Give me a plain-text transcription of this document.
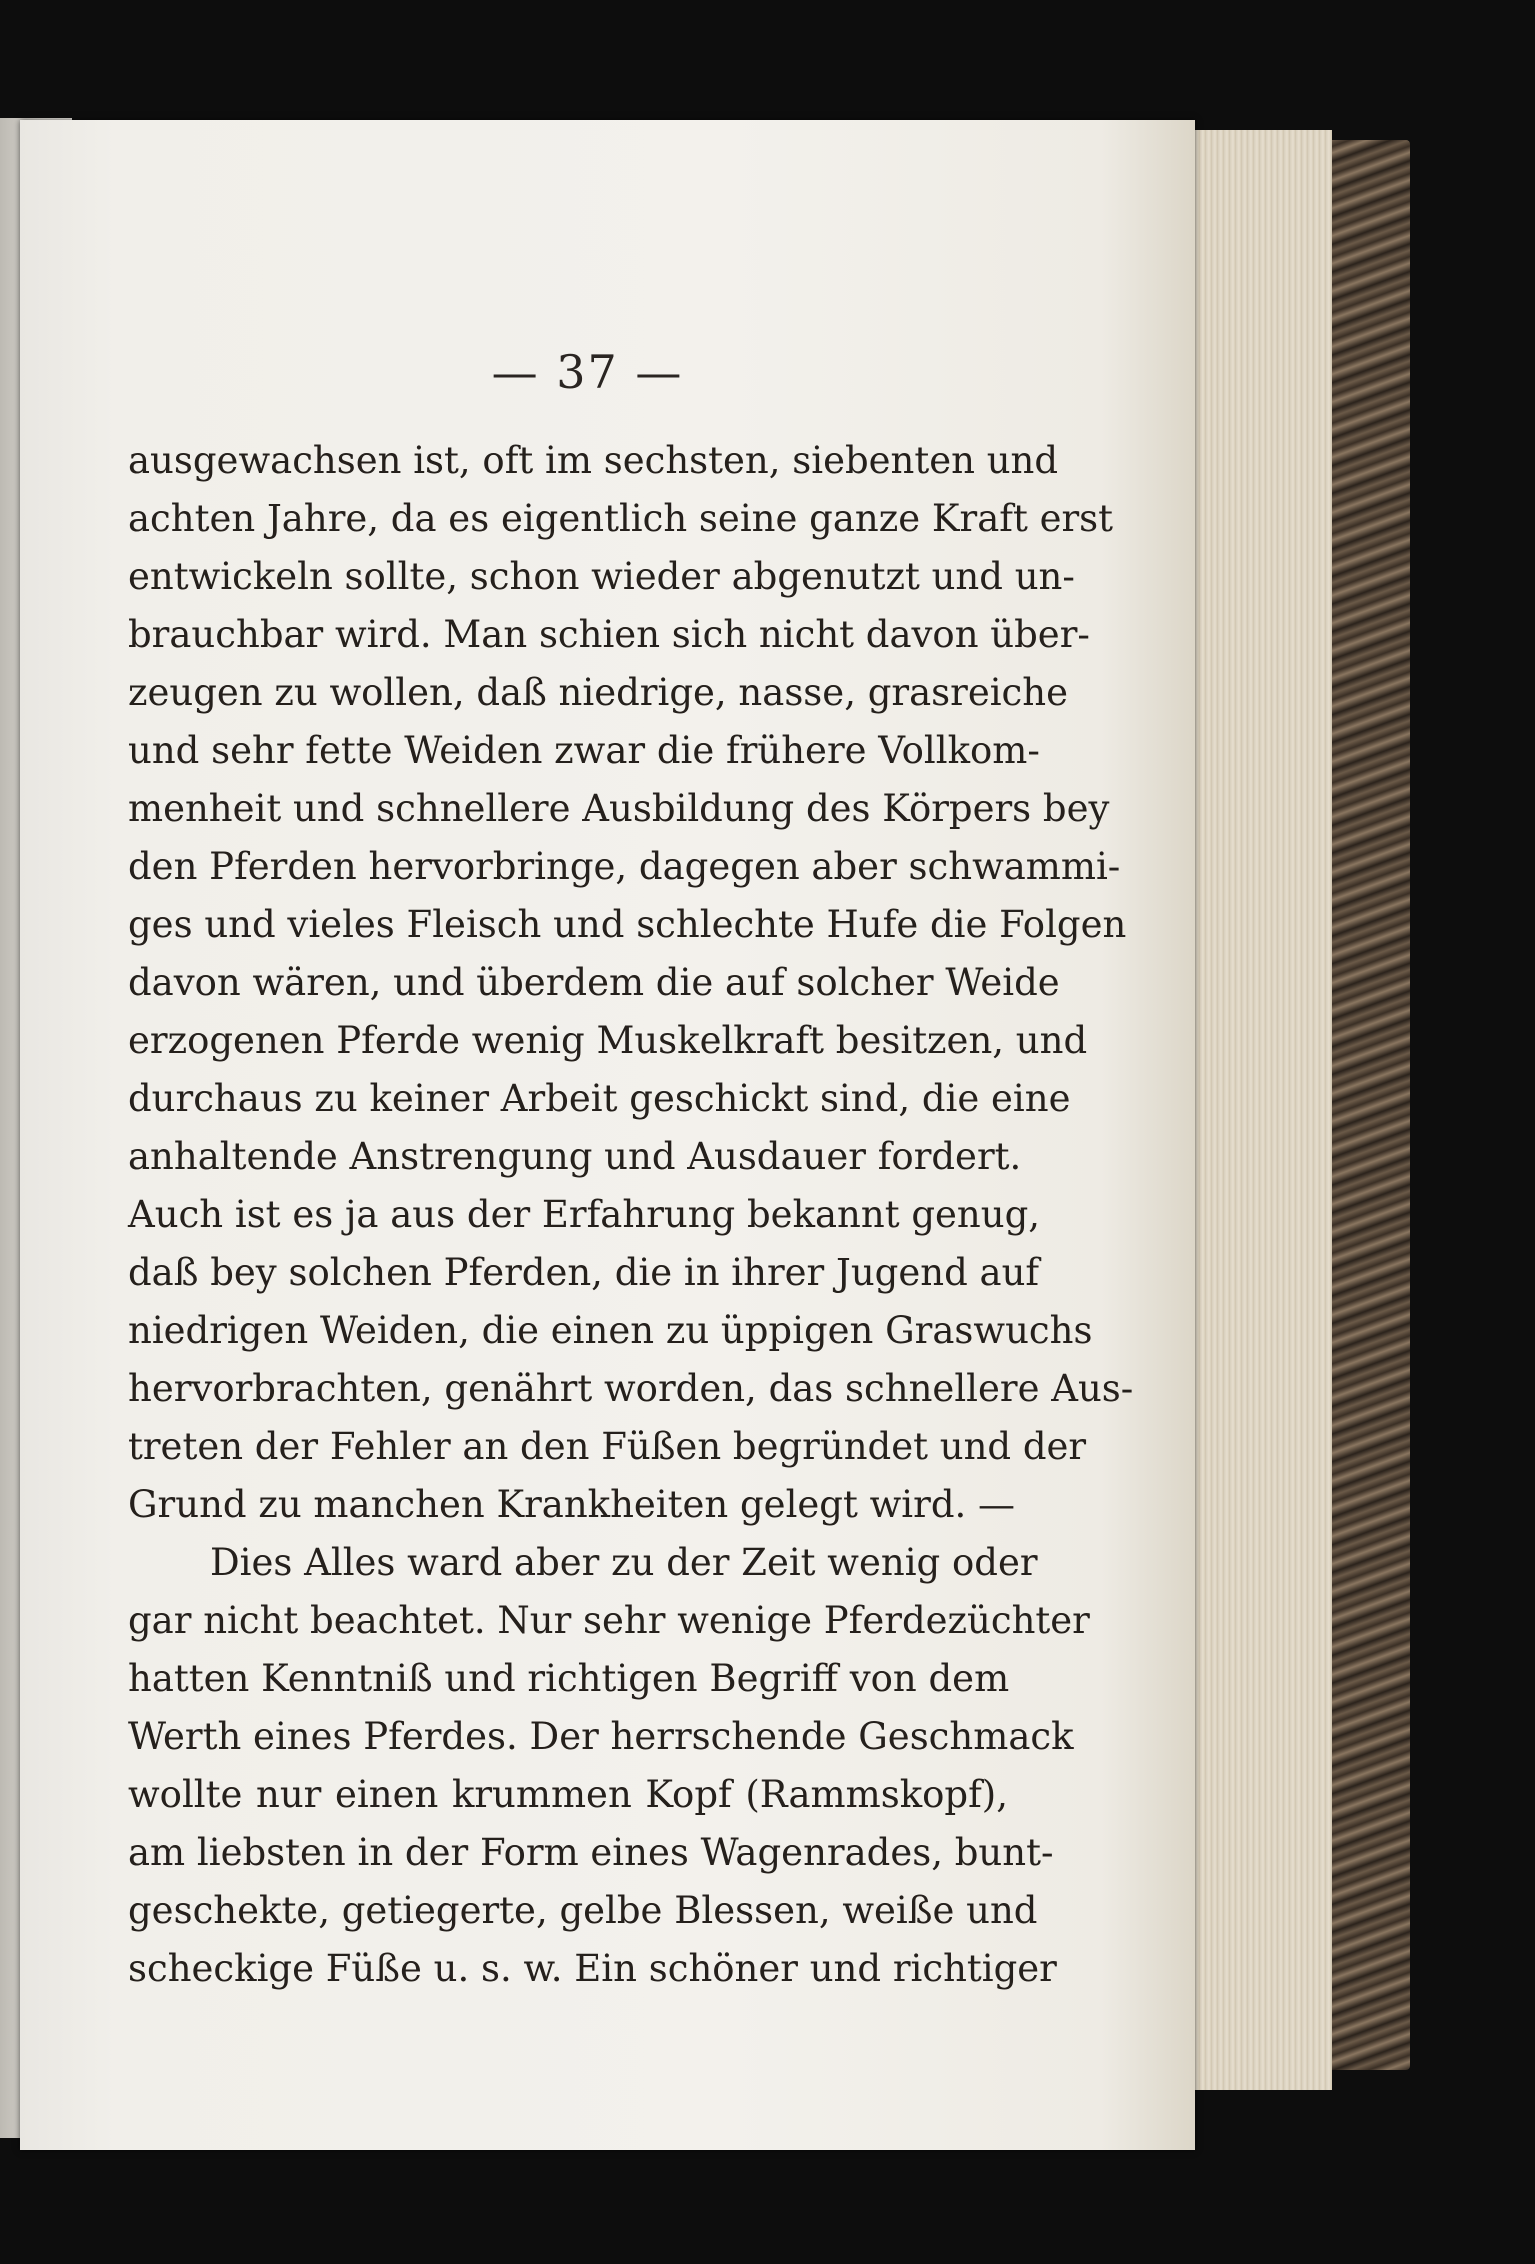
— 37 —
ausgewachsen ist, oft im sechsten, siebenten und
achten Jahre, da es eigentlich seine ganze Kraft erst
entwickeln sollte, schon wieder abgenutzt und un-
brauchbar wird. Man schien sich nicht davon über-
zeugen zu wollen, daß niedrige, nasse, grasreiche
und sehr fette Weiden zwar die frühere Vollkom-
menheit und schnellere Ausbildung des Körpers bey
den Pferden hervorbringe, dagegen aber schwammi-
ges und vieles Fleisch und schlechte Hufe die Folgen
davon wären, und überdem die auf solcher Weide
erzogenen Pferde wenig Muskelkraft besitzen, und
durchaus zu keiner Arbeit geschickt sind, die eine
anhaltende Anstrengung und Ausdauer fordert.
Auch ist es ja aus der Erfahrung bekannt genug,
daß bey solchen Pferden, die in ihrer Jugend auf
niedrigen Weiden, die einen zu üppigen Graswuchs
hervorbrachten, genährt worden, das schnellere Aus-
treten der Fehler an den Füßen begründet und der
Grund zu manchen Krankheiten gelegt wird. —
Dies Alles ward aber zu der Zeit wenig oder
gar nicht beachtet. Nur sehr wenige Pferdezüchter
hatten Kenntniß und richtigen Begriff von dem
Werth eines Pferdes. Der herrschende Geschmack
wollte nur einen krummen Kopf (Rammskopf),
am liebsten in der Form eines Wagenrades, bunt-
geschekte, getiegerte, gelbe Blessen, weiße und
scheckige Füße u. s. w. Ein schöner und richtiger
